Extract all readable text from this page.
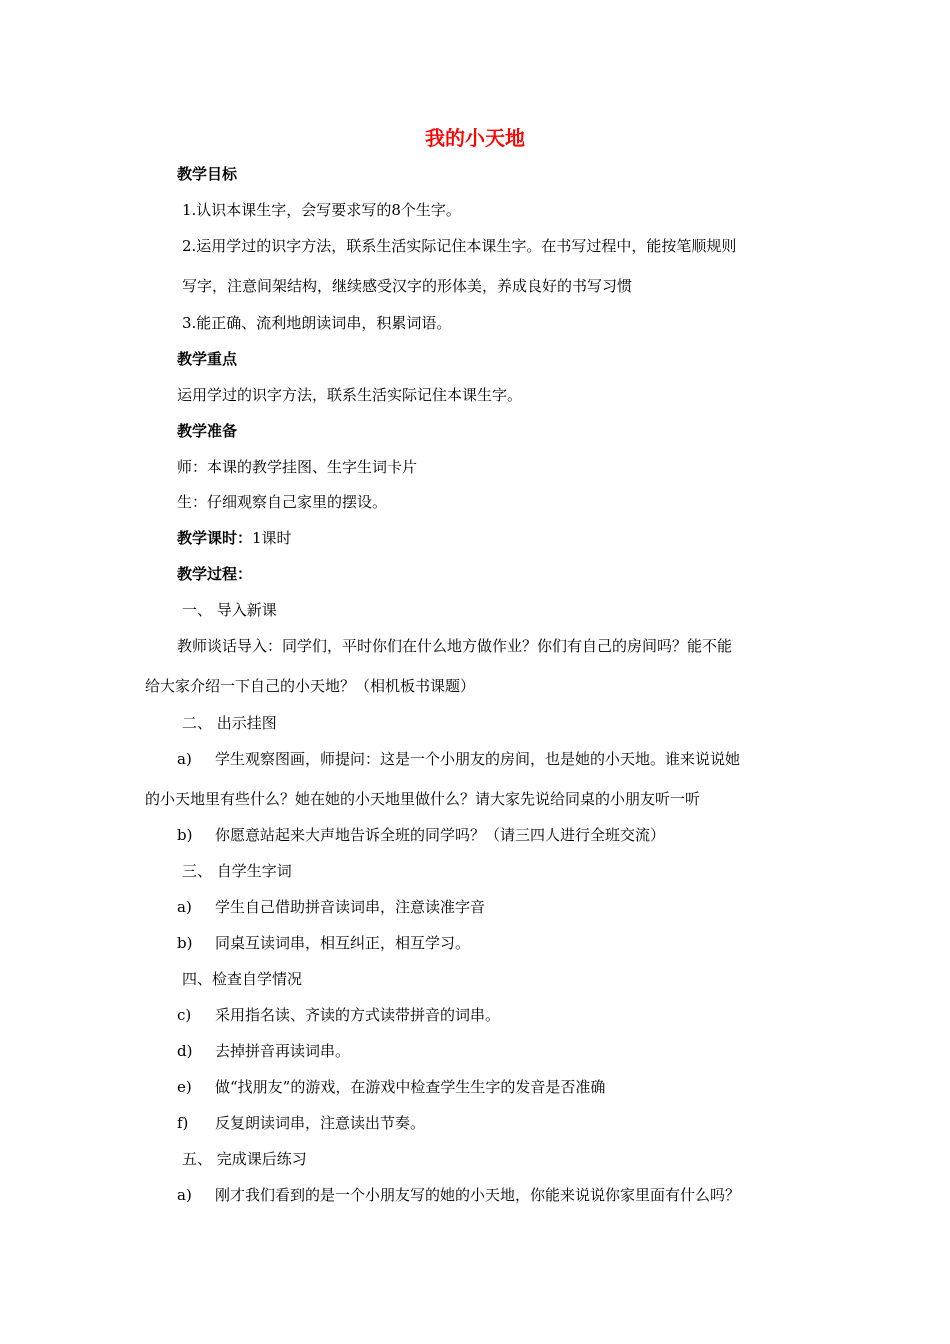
我的小天地
教学目标
1.认识本课生字，会写要求写的8个生字。
2.运用学过的识字方法，联系生活实际记住本课生字。在书写过程中，能按笔顺规则
写字，注意间架结构，继续感受汉字的形体美，养成良好的书写习惯
3.能正确、流利地朗读词串，积累词语。
教学重点
运用学过的识字方法，联系生活实际记住本课生字。
教学准备
师：本课的教学挂图、生字生词卡片
生：仔细观察自己家里的摆设。
教学课时：1课时
教学过程：
一、 导入新课
教师谈话导入：同学们，平时你们在什么地方做作业？你们有自己的房间吗？能不能
给大家介绍一下自己的小天地？（相机板书课题）
二、 出示挂图
a) 学生观察图画，师提问：这是一个小朋友的房间，也是她的小天地。谁来说说她
的小天地里有些什么？她在她的小天地里做什么？请大家先说给同桌的小朋友听一听
b) 你愿意站起来大声地告诉全班的同学吗？（请三四人进行全班交流）
三、 自学生字词
a) 学生自己借助拼音读词串，注意读准字音
b) 同桌互读词串，相互纠正，相互学习。
四、检查自学情况
c) 采用指名读、齐读的方式读带拼音的词串。
d) 去掉拼音再读词串。
e) 做“找朋友”的游戏，在游戏中检查学生生字的发音是否准确
f) 反复朗读词串，注意读出节奏。
五、 完成课后练习
a) 刚才我们看到的是一个小朋友写的她的小天地，你能来说说你家里面有什么吗？
